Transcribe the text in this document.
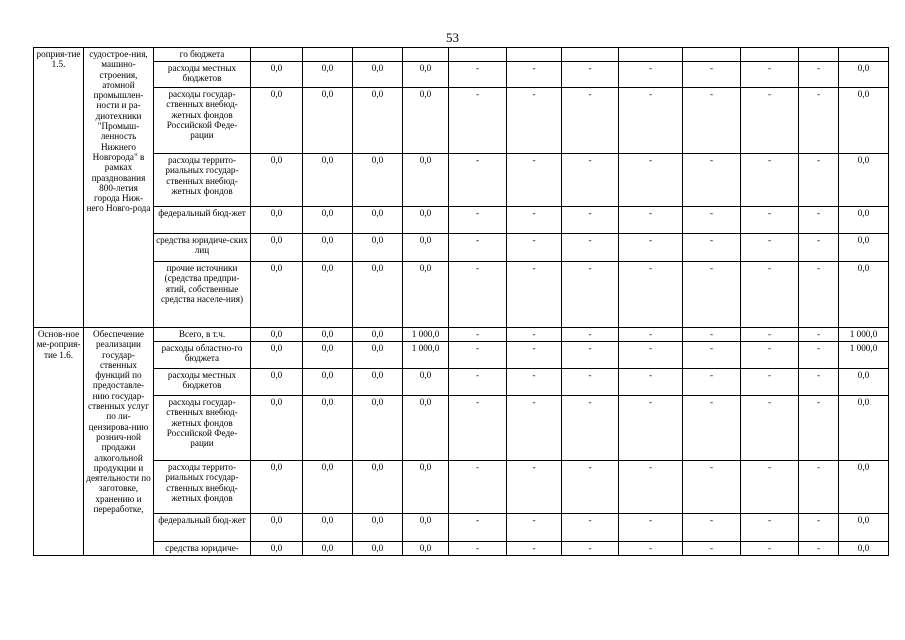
53
роприя-тие 1.5.	судострое-ния, машино-строения, атомной промышлен-ности и ра-диотехники "Промыш-ленность Нижнего Новгорода" в рамках празднования 800-летия города Ниж-него Новго-рода	го бюджета												
		расходы местных бюджетов	0,0	0,0	0,0	0,0	-	-	-	-	-	-	-	0,0
		расходы государ-ственных внебюд-жетных фондов Российской Феде-рации	0,0	0,0	0,0	0,0	-	-	-	-	-	-	-	0,0
		расходы террито-риальных государ-ственных внебюд-жетных фондов	0,0	0,0	0,0	0,0	-	-	-	-	-	-	-	0,0
		федеральный бюд-жет	0,0	0,0	0,0	0,0	-	-	-	-	-	-	-	0,0
		средства юридиче-ских лиц	0,0	0,0	0,0	0,0	-	-	-	-	-	-	-	0,0
		прочие источники (средства предпри-ятий, собственные средства населе-ния)	0,0	0,0	0,0	0,0	-	-	-	-	-	-	-	0,0
Основ-ное ме-роприя-тие 1.6.	Обеспечение реализации государ-ственных функций по предоставле-нию государ-ственных услуг по ли-цензирова-нию рознич-ной продажи алкогольной продукции и деятельности по заготовке, хранению и переработке,	Всего, в т.ч.	0,0	0,0	0,0	1 000,0	-	-	-	-	-	-	-	1 000,0
		расходы областно-го бюджета	0,0	0,0	0,0	1 000,0	-	-	-	-	-	-	-	1 000,0
		расходы местных бюджетов	0,0	0,0	0,0	0,0	-	-	-	-	-	-	-	0,0
		расходы государ-ственных внебюд-жетных фондов Российской Феде-рации	0,0	0,0	0,0	0,0	-	-	-	-	-	-	-	0,0
		расходы террито-риальных государ-ственных внебюд-жетных фондов	0,0	0,0	0,0	0,0	-	-	-	-	-	-	-	0,0
		федеральный бюд-жет	0,0	0,0	0,0	0,0	-	-	-	-	-	-	-	0,0
		средства юридиче-	0,0	0,0	0,0	0,0	-	-	-	-	-	-	-	0,0
